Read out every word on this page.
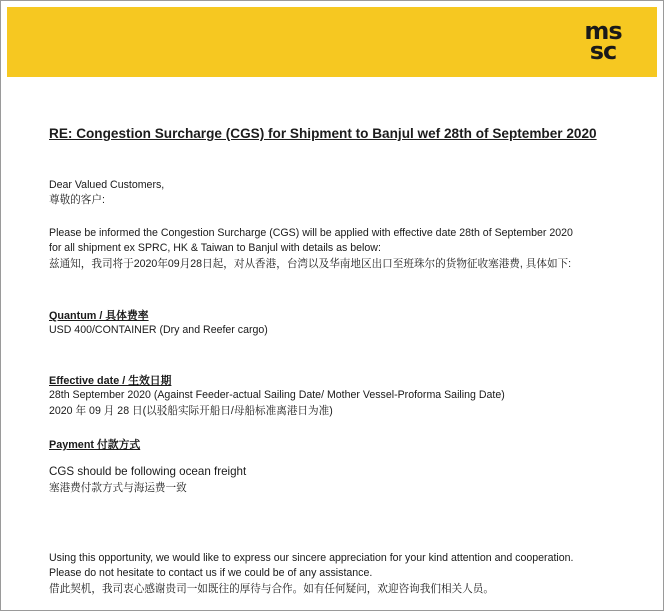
ms
sc
RE: Congestion Surcharge (CGS) for Shipment to Banjul wef 28th of September 2020
Dear Valued Customers,
尊敬的客户:
Please be informed the Congestion Surcharge (CGS) will be applied with effective date 28th of September 2020
for all shipment ex SPRC, HK & Taiwan to Banjul with details as below:
兹通知，我司将于2020年09月28日起，对从香港，台湾以及华南地区出口至班珠尔的货物征收塞港费, 具体如下:
Quantum / 具体费率
USD 400/CONTAINER (Dry and Reefer cargo)
Effective date / 生效日期
28th September 2020 (Against Feeder-actual Sailing Date/ Mother Vessel-Proforma Sailing Date)
2020 年 09 月 28 日(以驳船实际开船日/母船标准离港日为准)
Payment 付款方式
CGS should be following ocean freight
塞港费付款方式与海运费一致
Using this opportunity, we would like to express our sincere appreciation for your kind attention and cooperation.
Please do not hesitate to contact us if we could be of any assistance.
借此契机，我司衷心感谢贵司一如既往的厚待与合作。如有任何疑问，欢迎咨询我们相关人员。
